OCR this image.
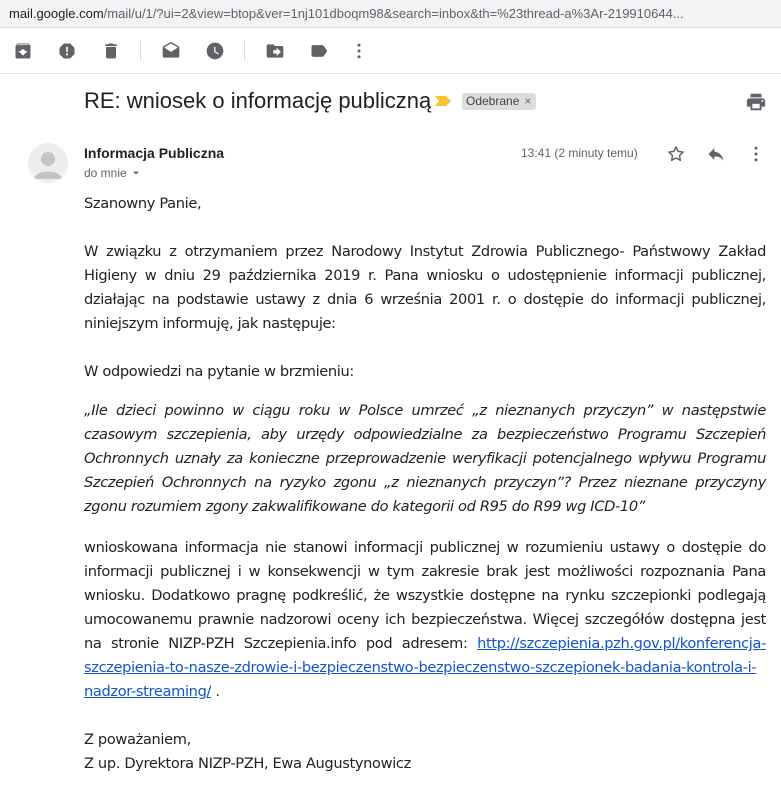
mail.google.com/mail/u/1/?ui=2&view=btop&ver=1nj101dboqm98&search=inbox&th=%23thread-a%3Ar-219910644...
RE: wniosek o informację publiczną	Odebrane ×
Informacja Publiczna
do mnie
13:41 (2 minuty temu)
Szanowny Panie,
W związku z otrzymaniem przez Narodowy Instytut Zdrowia Publicznego- Państwowy Zakład Higieny w dniu 29 października 2019 r. Pana wniosku o udostępnienie informacji publicznej, działając na podstawie ustawy z dnia 6 września 2001 r. o dostępie do informacji publicznej, niniejszym informuję, jak następuje:
W odpowiedzi na pytanie w brzmieniu:
„Ile dzieci powinno w ciągu roku w Polsce umrzeć „z nieznanych przyczyn” w następstwie czasowym szczepienia, aby urzędy odpowiedzialne za bezpieczeństwo Programu Szczepień Ochronnych uznały za konieczne przeprowadzenie weryfikacji potencjalnego wpływu Programu Szczepień Ochronnych na ryzyko zgonu „z nieznanych przyczyn”? Przez nieznane przyczyny zgonu rozumiem zgony zakwalifikowane do kategorii od R95 do R99 wg ICD-10”
wnioskowana informacja nie stanowi informacji publicznej w rozumieniu ustawy o dostępie do informacji publicznej i w konsekwencji w tym zakresie brak jest możliwości rozpoznania Pana wniosku. Dodatkowo pragnę podkreślić, że wszystkie dostępne na rynku szczepionki podlegają umocowanemu prawnie nadzorowi oceny ich bezpieczeństwa. Więcej szczegółów dostępna jest na stronie NIZP-PZH Szczepienia.info pod adresem: http://szczepienia.pzh.gov.pl/konferencja-szczepienia-to-nasze-zdrowie-i-bezpieczenstwo-bezpieczenstwo-szczepionek-badania-kontrola-i-nadzor-streaming/ .
Z poważaniem,
Z up. Dyrektora NIZP-PZH, Ewa Augustynowicz
